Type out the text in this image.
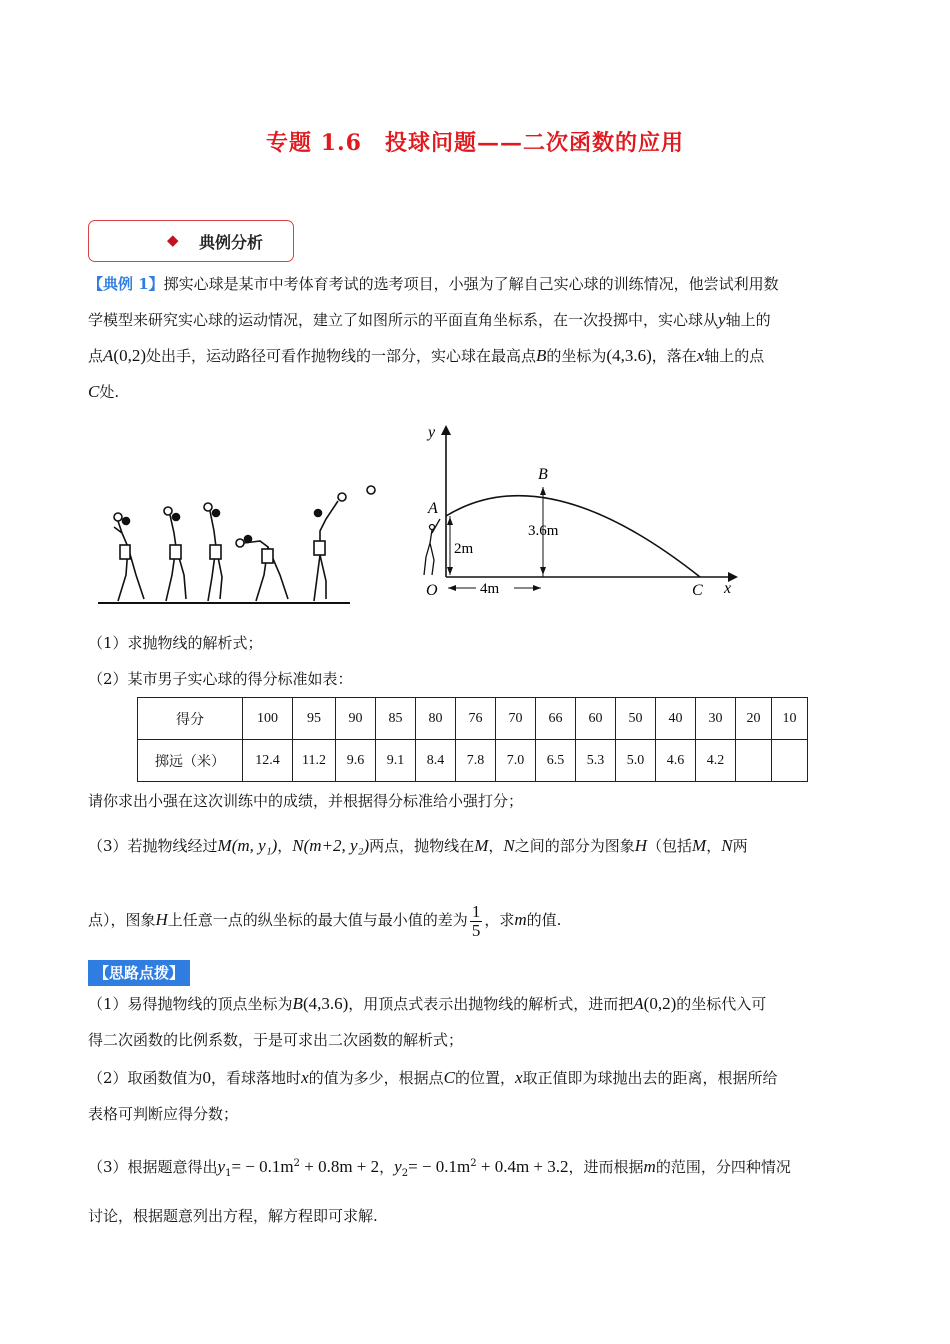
专题 1.6　投球问题——二次函数的应用
◆ 典例分析
【典例 1】掷实心球是某市中考体育考试的选考项目，小强为了解自己实心球的训练情况，他尝试利用数
学模型来研究实心球的运动情况，建立了如图所示的平面直角坐标系，在一次投掷中，实心球从y轴上的
点A(0,2)处出手，运动路径可看作抛物线的一部分，实心球在最高点B的坐标为(4,3.6)，落在x轴上的点
C处.
y
x
O
A
B
C
2m
3.6m
4m
（1）求抛物线的解析式；
（2）某市男子实心球的得分标准如表：
得分	100	95	90	85	80	76	70	66	60	50	40	30	20	10
掷远（米）	12.4	11.2	9.6	9.1	8.4	7.8	7.0	6.5	5.3	5.0	4.6	4.2		
请你求出小强在这次训练中的成绩，并根据得分标准给小强打分；
（3）若抛物线经过M(m, y₁)，N(m+2, y₂)两点，抛物线在M，N之间的部分为图象H（包括M，N两
点），图象H上任意一点的纵坐标的最大值与最小值的差为 $\frac{1}{5}$ ，求m的值.
【思路点拨】
（1）易得抛物线的顶点坐标为B(4,3.6)，用顶点式表示出抛物线的解析式，进而把A(0,2)的坐标代入可
得二次函数的比例系数，于是可求出二次函数的解析式；
（2）取函数值为0，看球落地时x的值为多少，根据点C的位置，x取正值即为球抛出去的距离，根据所给
表格可判断应得分数；
（3）根据题意得出$y_1= - 0.1m^2 + 0.8m + 2$，$y_2= - 0.1m^2 + 0.4m + 3.2$，进而根据m的范围，分四种情况
讨论，根据题意列出方程，解方程即可求解.
